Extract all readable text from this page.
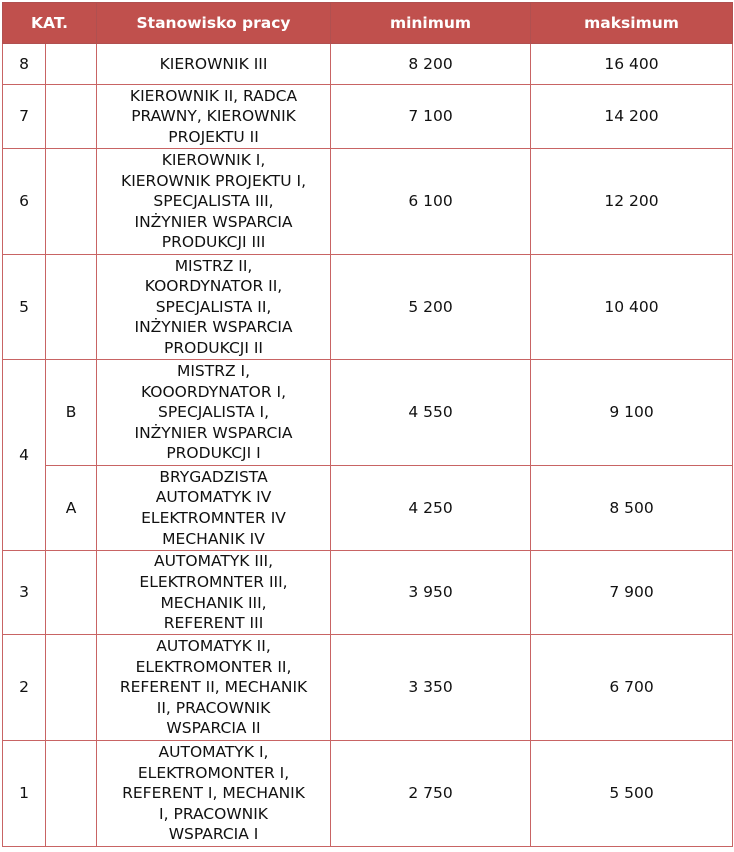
KAT.		Stanowisko pracy	minimum	maksimum
8		KIEROWNIK III	8 200	16 400
7		KIEROWNIK II, RADCA
PRAWNY, KIEROWNIK
PROJEKTU II	7 100	14 200
6		KIEROWNIK I,
KIEROWNIK PROJEKTU I,
SPECJALISTA III,
INŻYNIER WSPARCIA
PRODUKCJI III	6 100	12 200
5		MISTRZ II,
KOORDYNATOR II,
SPECJALISTA II,
INŻYNIER WSPARCIA
PRODUKCJI II	5 200	10 400
4	B	MISTRZ I,
KOOORDYNATOR I,
SPECJALISTA I,
INŻYNIER WSPARCIA
PRODUKCJI I	4 550	9 100
	A	BRYGADZISTA
AUTOMATYK IV
ELEKTROMNTER IV
MECHANIK IV	4 250	8 500
3		AUTOMATYK III,
ELEKTROMNTER III,
MECHANIK III,
REFERENT III	3 950	7 900
2		AUTOMATYK II,
ELEKTROMONTER II,
REFERENT II, MECHANIK
II, PRACOWNIK
WSPARCIA II	3 350	6 700
1		AUTOMATYK I,
ELEKTROMONTER I,
REFERENT I, MECHANIK
I, PRACOWNIK
WSPARCIA I	2 750	5 500
